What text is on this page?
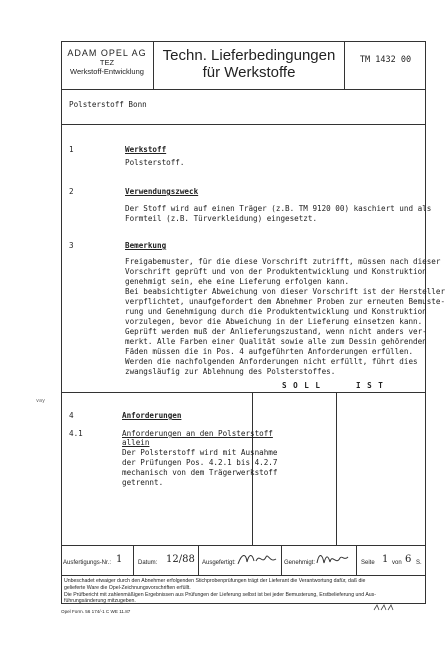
ADAM OPEL AG
TEZ
Werkstoff-Entwicklung
Techn. Lieferbedingungen
für Werkstoffe
TM 1432 00
Polsterstoff Bonn
1	Werkstoff
Polsterstoff.
2	Verwendungszweck
Der Stoff wird auf einen Träger (z.B. TM 9120 00) kaschiert und als
Formteil (z.B. Türverkleidung) eingesetzt.
3	Bemerkung
Freigabemuster, für die diese Vorschrift zutrifft, müssen nach dieser
Vorschrift geprüft und von der Produktentwicklung und Konstruktion
genehmigt sein, ehe eine Lieferung erfolgen kann.
Bei beabsichtigter Abweichung von dieser Vorschrift ist der Hersteller
verpflichtet, unaufgefordert dem Abnehmer Proben zur erneuten Bemuste-
rung und Genehmigung durch die Produktentwicklung und Konstruktion
vorzulegen, bevor die Abweichung in der Lieferung einsetzen kann.
Geprüft werden muß der Anlieferungszustand, wenn nicht anders ver-
merkt. Alle Farben einer Qualität sowie alle zum Dessin gehörenden
Fäden müssen die in Pos. 4 aufgeführten Anforderungen erfüllen.
Werden die nachfolgenden Anforderungen nicht erfüllt, führt dies
zwangsläufig zur Ablehnung des Polsterstoffes.
S O L L	I S T
vay
4	Anforderungen
4.1	Anforderungen an den Polsterstoff
allein
Der Polsterstoff wird mit Ausnahme
der Prüfungen Pos. 4.2.1 bis 4.2.7
mechanisch von dem Trägerwerkstoff
getrennt.
Ausfertigungs-Nr.: 1	Datum: 12/88 Ausgefertigt:	Genehmigt:	Seite 1 von 6 S.
Unbeschadet etwaiger durch den Abnehmer erfolgenden Stichprobenprüfungen trägt der Lieferant die Verantwortung dafür, daß die
gelieferte Ware die Opel-Zeichnungsvorschriften erfüllt.
Die Prüfbericht mit zahlenmäßigen Ergebnissen aus Prüfungen der Lieferung selbst ist bei jeder Bemusterung, Erstbelieferung und Aus-
führungsänderung mitzugeben.
Opel Form. 56 174/-1 C WE 11.87
